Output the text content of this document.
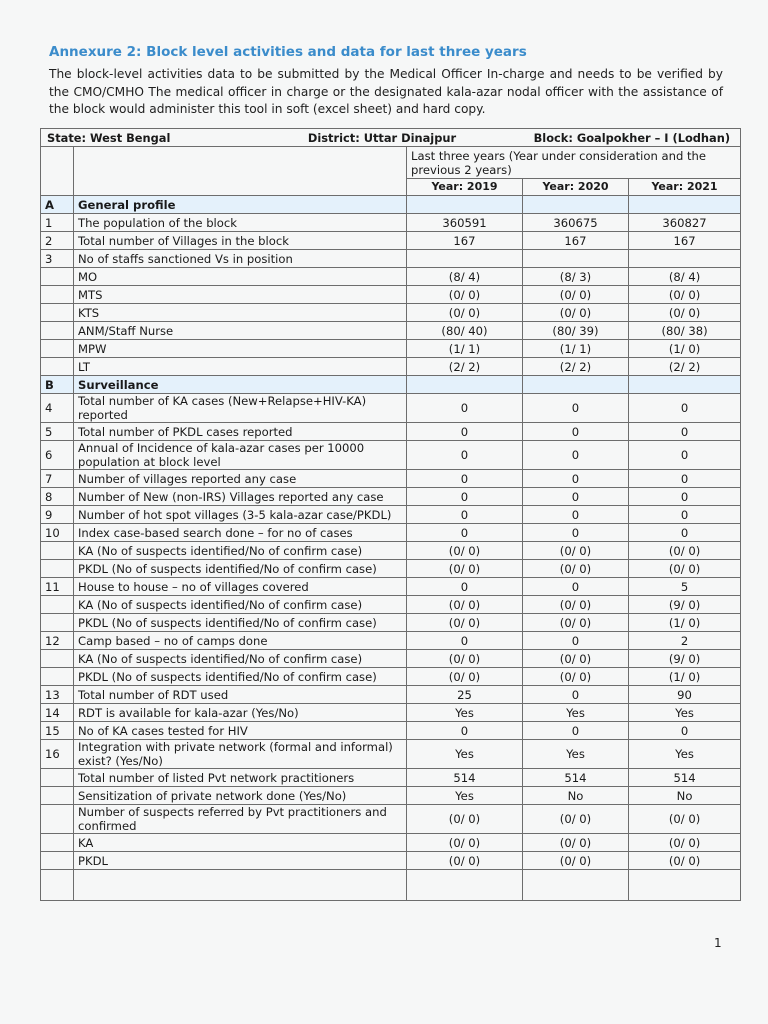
Annexure 2: Block level activities and data for last three years
The block-level activities data to be submitted by the Medical Officer In-charge and needs to be verified by the CMO/CMHO The medical officer in charge or the designated kala-azar nodal officer with the assistance of the block would administer this tool in soft (excel sheet) and hard copy.
State: West Bengal District: Uttar Dinajpur Block: Goalpokher – I (Lodhan)				

		Last three years (Year under consideration and the previous 2 years)		
		Year: 2019	Year: 2020	Year: 2021
A	General profile			
1	The population of the block	360591	360675	360827
2	Total number of Villages in the block	167	167	167
3	No of staffs sanctioned Vs in position			
	MO	(8/ 4)	(8/ 3)	(8/ 4)
	MTS	(0/ 0)	(0/ 0)	(0/ 0)
	KTS	(0/ 0)	(0/ 0)	(0/ 0)
	ANM/Staff Nurse	(80/ 40)	(80/ 39)	(80/ 38)
	MPW	(1/ 1)	(1/ 1)	(1/ 0)
	LT	(2/ 2)	(2/ 2)	(2/ 2)
B	Surveillance			
4	Total number of KA cases (New+Relapse+HIV-KA) reported	0	0	0
5	Total number of PKDL cases reported	0	0	0
6	Annual of Incidence of kala-azar cases per 10000 population at block level	0	0	0
7	Number of villages reported any case	0	0	0
8	Number of New (non-IRS) Villages reported any case	0	0	0
9	Number of hot spot villages (3-5 kala-azar case/PKDL)	0	0	0
10	Index case-based search done – for no of cases	0	0	0
	KA (No of suspects identified/No of confirm case)	(0/ 0)	(0/ 0)	(0/ 0)
	PKDL (No of suspects identified/No of confirm case)	(0/ 0)	(0/ 0)	(0/ 0)
11	House to house – no of villages covered	0	0	5
	KA (No of suspects identified/No of confirm case)	(0/ 0)	(0/ 0)	(9/ 0)
	PKDL (No of suspects identified/No of confirm case)	(0/ 0)	(0/ 0)	(1/ 0)
12	Camp based – no of camps done	0	0	2
	KA (No of suspects identified/No of confirm case)	(0/ 0)	(0/ 0)	(9/ 0)
	PKDL (No of suspects identified/No of confirm case)	(0/ 0)	(0/ 0)	(1/ 0)
13	Total number of RDT used	25	0	90
14	RDT is available for kala-azar (Yes/No)	Yes	Yes	Yes
15	No of KA cases tested for HIV	0	0	0
16	Integration with private network (formal and informal) exist? (Yes/No)	Yes	Yes	Yes
	Total number of listed Pvt network practitioners	514	514	514
	Sensitization of private network done (Yes/No)	Yes	No	No
	Number of suspects referred by Pvt practitioners and confirmed	(0/ 0)	(0/ 0)	(0/ 0)
	KA	(0/ 0)	(0/ 0)	(0/ 0)
	PKDL	(0/ 0)	(0/ 0)	(0/ 0)

1
